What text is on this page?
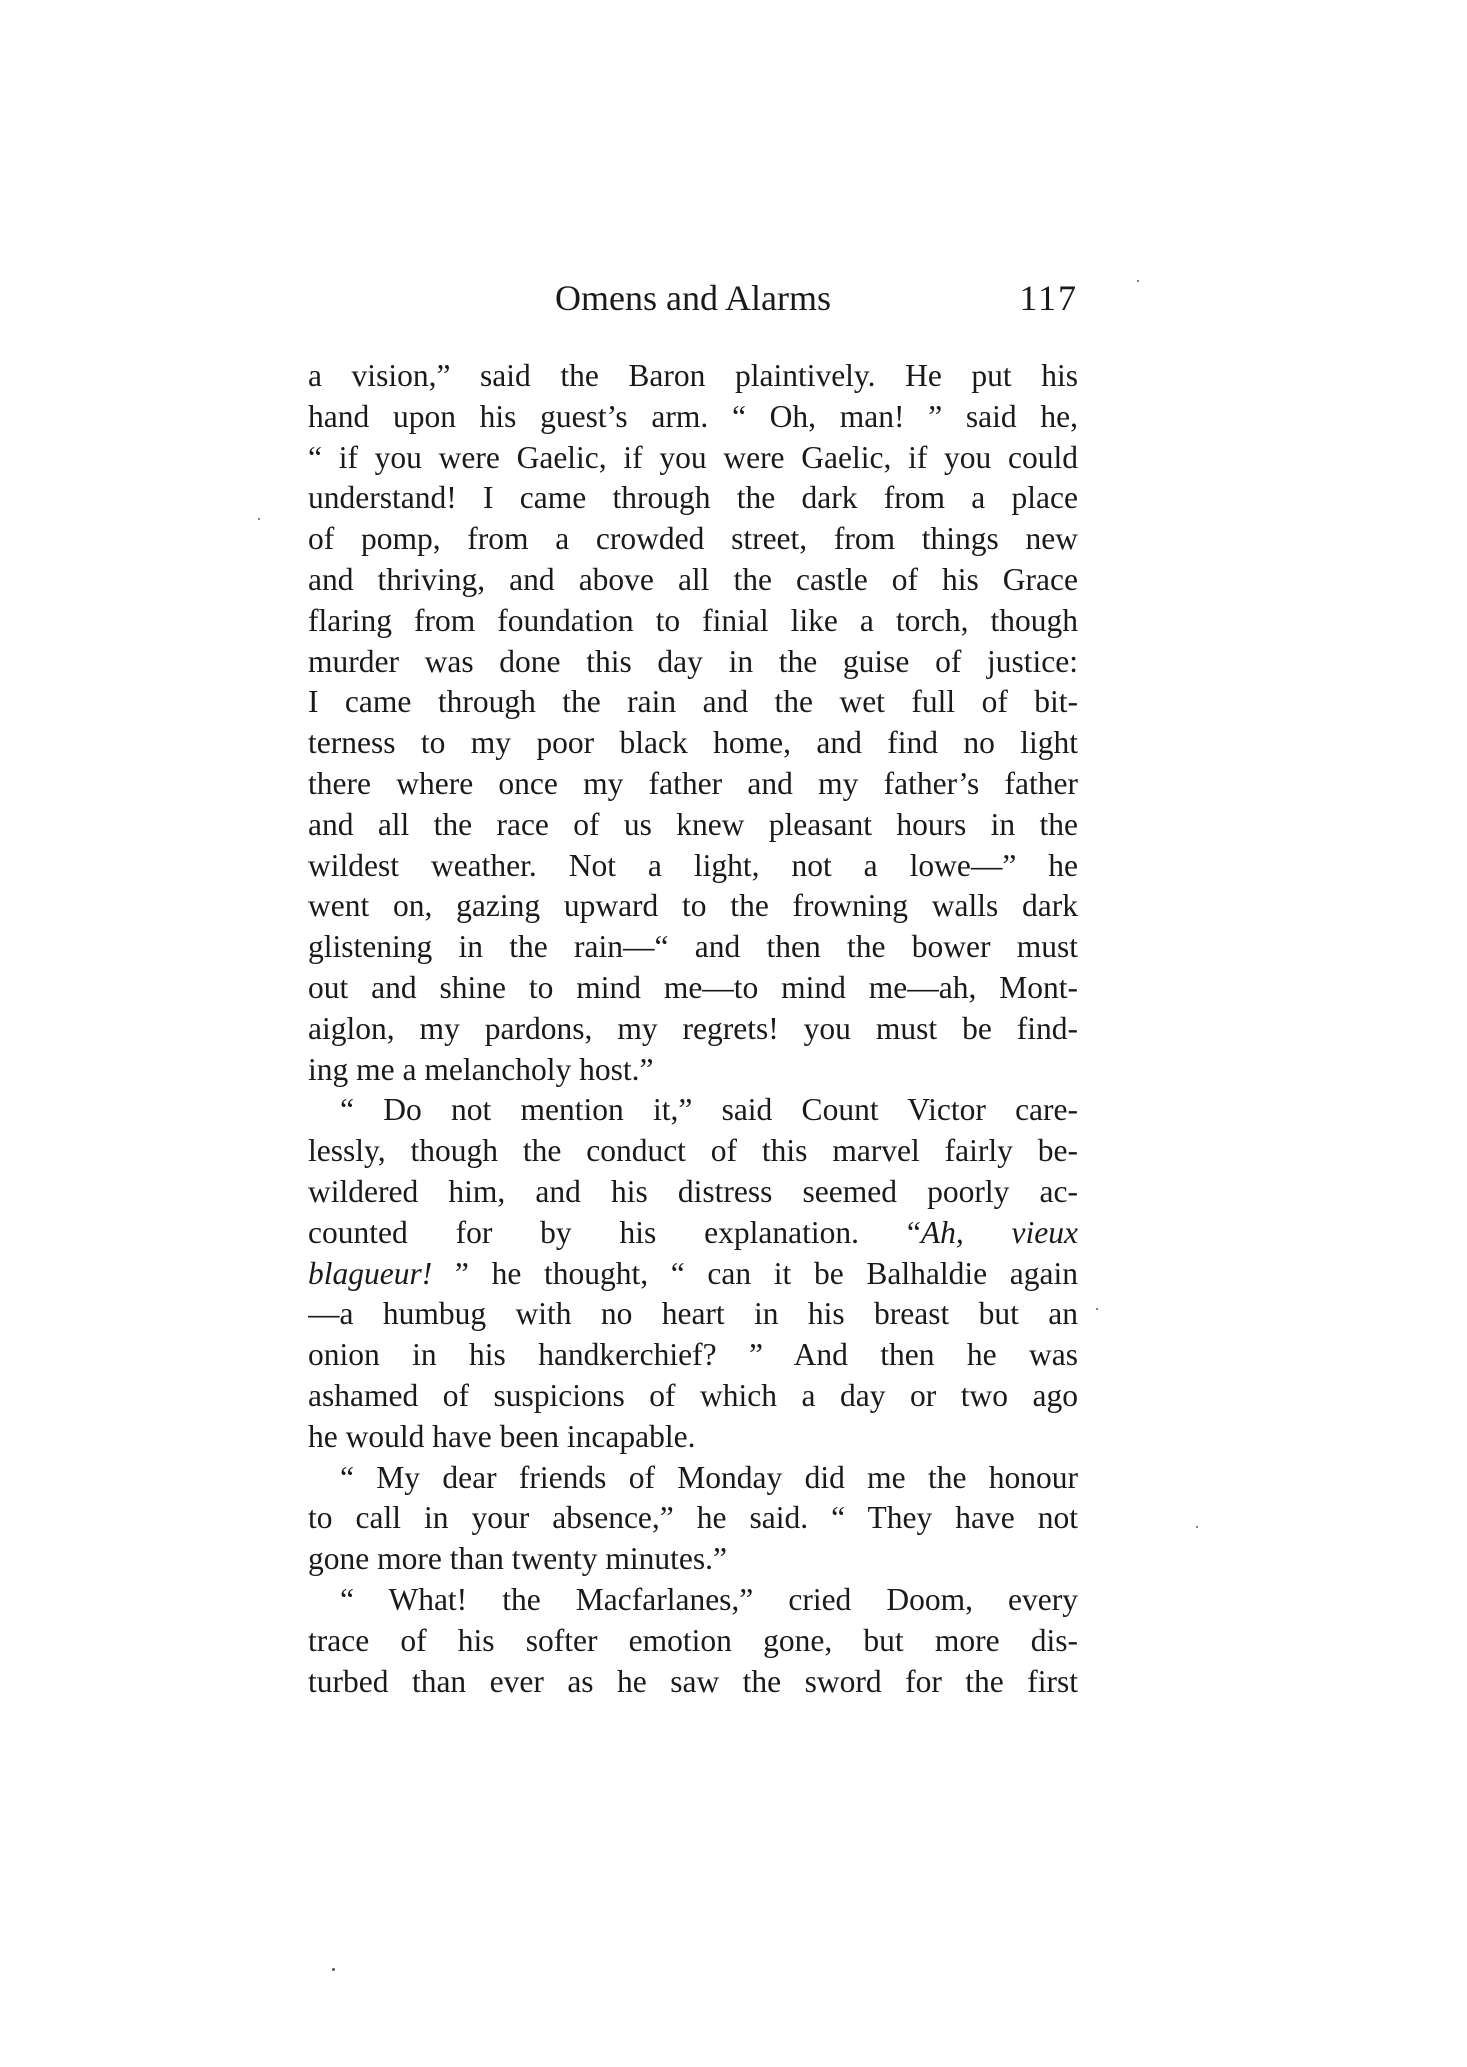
Omens and Alarms	117
a vision,” said the Baron plaintively. He put his
hand upon his guest’s arm. “ Oh, man! ” said he,
“ if you were Gaelic, if you were Gaelic, if you could
understand! I came through the dark from a place
of pomp, from a crowded street, from things new
and thriving, and above all the castle of his Grace
flaring from foundation to finial like a torch, though
murder was done this day in the guise of justice:
I came through the rain and the wet full of bit-
terness to my poor black home, and find no light
there where once my father and my father’s father
and all the race of us knew pleasant hours in the
wildest weather. Not a light, not a lowe—” he
went on, gazing upward to the frowning walls dark
glistening in the rain—“ and then the bower must
out and shine to mind me—to mind me—ah, Mont-
aiglon, my pardons, my regrets! you must be find-
ing me a melancholy host.”
“ Do not mention it,” said Count Victor care-
lessly, though the conduct of this marvel fairly be-
wildered him, and his distress seemed poorly ac-
counted for by his explanation. “Ah, vieux
blagueur! ” he thought, “ can it be Balhaldie again
—a humbug with no heart in his breast but an
onion in his handkerchief? ” And then he was
ashamed of suspicions of which a day or two ago
he would have been incapable.
“ My dear friends of Monday did me the honour
to call in your absence,” he said. “ They have not
gone more than twenty minutes.”
“ What! the Macfarlanes,” cried Doom, every
trace of his softer emotion gone, but more dis-
turbed than ever as he saw the sword for the first
